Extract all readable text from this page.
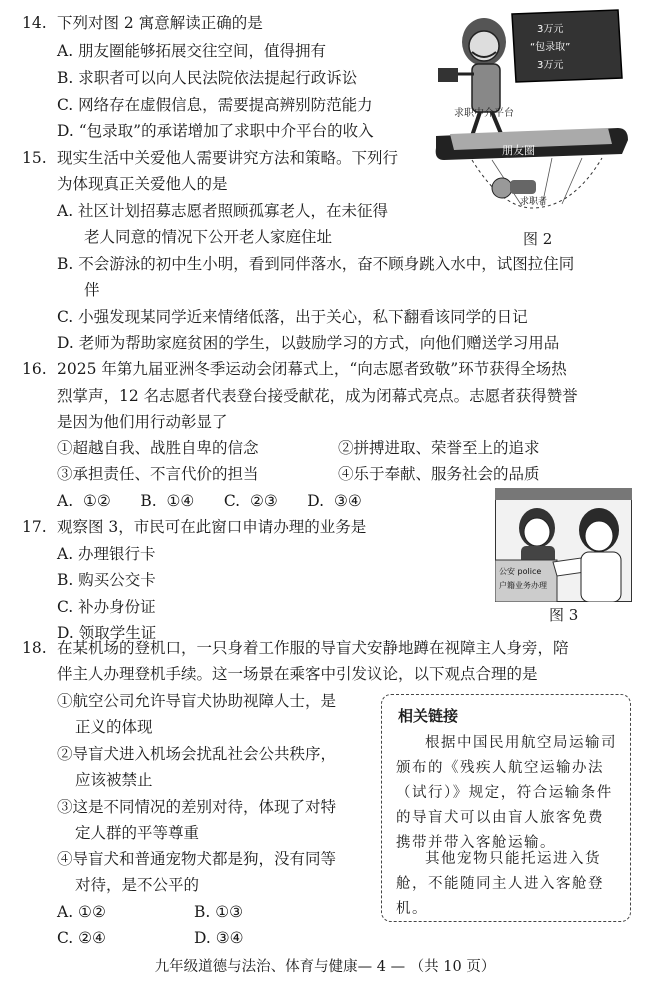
14. 下列对图 2 寓意解读正确的是
A. 朋友圈能够拓展交往空间，值得拥有
B. 求职者可以向人民法院依法提起行政诉讼
C. 网络存在虚假信息，需要提高辨别防范能力
D. “包录取”的承诺增加了求职中介平台的收入
3万元
“包录取”
3万元
求职中介平台
朋友圈
求职者
图 2
15. 现实生活中关爱他人需要讲究方法和策略。下列行
为体现真正关爱他人的是
A. 社区计划招募志愿者照顾孤寡老人，在未征得
老人同意的情况下公开老人家庭住址
B. 不会游泳的初中生小明，看到同伴落水，奋不顾身跳入水中，试图拉住同
伴
C. 小强发现某同学近来情绪低落，出于关心，私下翻看该同学的日记
D. 老师为帮助家庭贫困的学生，以鼓励学习的方式，向他们赠送学习用品
16. 2025 年第九届亚洲冬季运动会闭幕式上，“向志愿者致敬”环节获得全场热
烈掌声，12 名志愿者代表登台接受献花，成为闭幕式亮点。志愿者获得赞誉
是因为他们用行动彰显了
①超越自我、战胜自卑的信念	②拼搏进取、荣誉至上的追求
③承担责任、不言代价的担当	④乐于奉献、服务社会的品质
A.  ①②      B.  ①④      C.  ②③      D.  ③④
17. 观察图 3，市民可在此窗口申请办理的业务是
A. 办理银行卡
B. 购买公交卡
C. 补办身份证
D. 领取学生证
公安 police
户籍业务办理
图 3
18. 在某机场的登机口，一只身着工作服的导盲犬安静地蹲在视障主人身旁，陪
伴主人办理登机手续。这一场景在乘客中引发议论，以下观点合理的是
①航空公司允许导盲犬协助视障人士，是
正义的体现
②导盲犬进入机场会扰乱社会公共秩序，
应该被禁止
③这是不同情况的差别对待，体现了对特
定人群的平等尊重
④导盲犬和普通宠物犬都是狗，没有同等
对待，是不公平的
A. ①②	B. ①③
C. ②④	D. ③④
相关链接
根据中国民用航空局运输司颁布的《残疾人航空运输办法（试行）》规定，符合运输条件的导盲犬可以由盲人旅客免费携带并带入客舱运输。
其他宠物只能托运进入货舱，不能随同主人进入客舱登机。
九年级道德与法治、体育与健康— 4 — （共 10 页）
